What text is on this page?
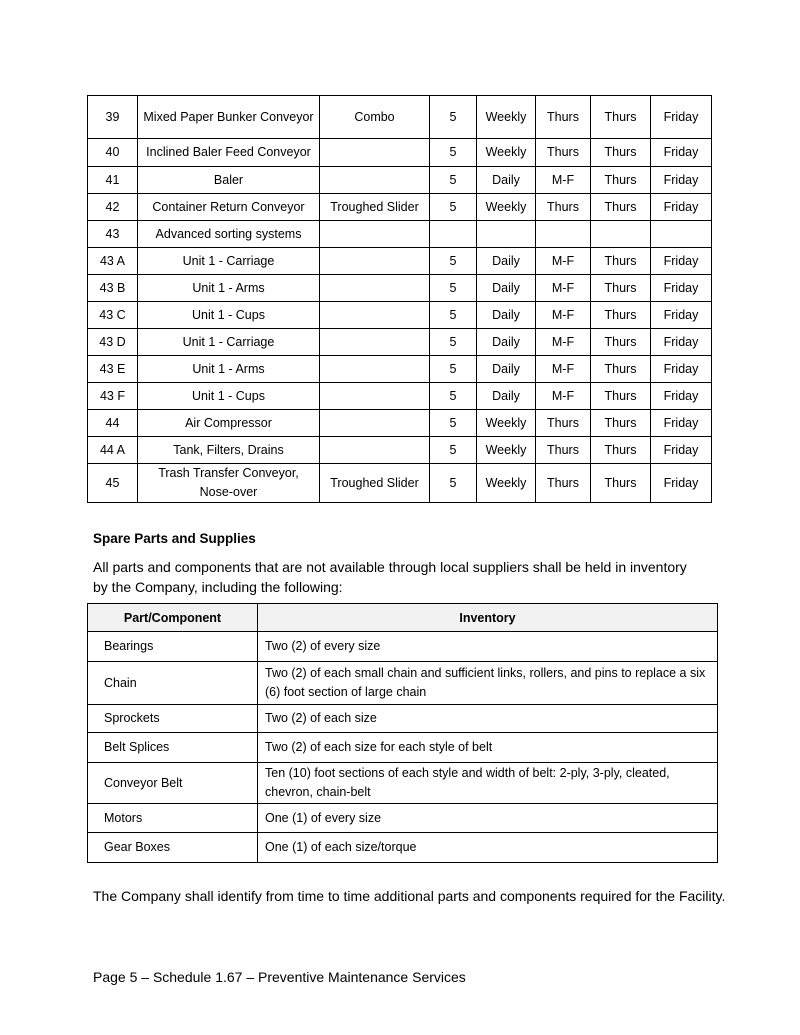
39	Mixed Paper Bunker Conveyor	Combo	5	Weekly	Thurs	Thurs	Friday
40	Inclined Baler Feed Conveyor		5	Weekly	Thurs	Thurs	Friday
41	Baler		5	Daily	M-F	Thurs	Friday
42	Container Return Conveyor	Troughed Slider	5	Weekly	Thurs	Thurs	Friday
43	Advanced sorting systems						
43 A	Unit 1 - Carriage		5	Daily	M-F	Thurs	Friday
43 B	Unit 1 - Arms		5	Daily	M-F	Thurs	Friday
43 C	Unit 1 - Cups		5	Daily	M-F	Thurs	Friday
43 D	Unit 1 - Carriage		5	Daily	M-F	Thurs	Friday
43 E	Unit 1 - Arms		5	Daily	M-F	Thurs	Friday
43 F	Unit 1 - Cups		5	Daily	M-F	Thurs	Friday
44	Air Compressor		5	Weekly	Thurs	Thurs	Friday
44 A	Tank, Filters, Drains		5	Weekly	Thurs	Thurs	Friday
45	Trash Transfer Conveyor, Nose-over	Troughed Slider	5	Weekly	Thurs	Thurs	Friday
Spare Parts and Supplies
All parts and components that are not available through local suppliers shall be held in inventory by the Company, including the following:
Part/Component	Inventory
Bearings	Two (2) of every size
Chain	Two (2) of each small chain and sufficient links, rollers, and pins to replace a six (6) foot section of large chain
Sprockets	Two (2) of each size
Belt Splices	Two (2) of each size for each style of belt
Conveyor Belt	Ten (10) foot sections of each style and width of belt: 2-ply, 3-ply, cleated, chevron, chain-belt
Motors	One (1) of every size
Gear Boxes	One (1) of each size/torque
The Company shall identify from time to time additional parts and components required for the Facility.
Page 5 – Schedule 1.67 – Preventive Maintenance Services
